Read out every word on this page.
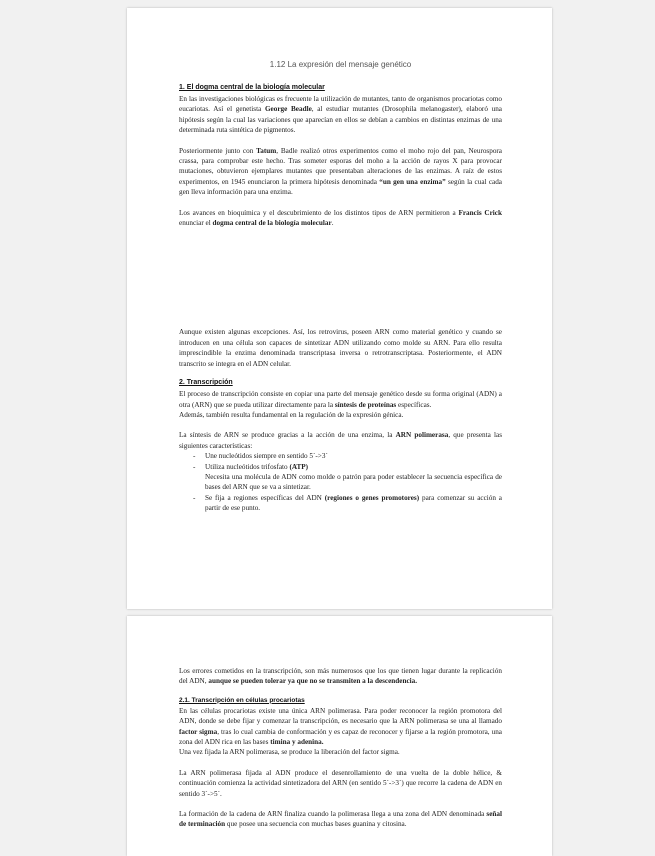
1.12 La expresión del mensaje genético
1. El dogma central de la biología molecular

En las investigaciones biológicas es frecuente la utilización de mutantes, tanto de organismos procariotas como eucariotas. Así el genetista George Beadle, al estudiar mutantes (Drosophila melanogaster), elaboró una hipótesis según la cual las variaciones que aparecían en ellos se debían a cambios en distintas enzimas de una determinada ruta sintética de pigmentos.

Posteriormente junto con Tatum, Badle realizó otros experimentos como el moho rojo del pan, Neurospora crassa, para comprobar este hecho. Tras someter esporas del moho a la acción de rayos X para provocar mutaciones, obtuvieron ejemplares mutantes que presentaban alteraciones de las enzimas. A raíz de estos experimentos, en 1945 enunciaron la primera hipótesis denominada “un gen una enzima” según la cual cada gen lleva información para una enzima.

Los avances en bioquímica y el descubrimiento de los distintos tipos de ARN permitieron a Francis Crick enunciar el dogma central de la biología molecular.

Aunque existen algunas excepciones. Así, los retrovirus, poseen ARN como material genético y cuando se introducen en una célula son capaces de sintetizar ADN utilizando como molde su ARN. Para ello resulta imprescindible la enzima denominada transcriptasa inversa o retrotranscriptasa. Posteriormente, el ADN transcrito se integra en el ADN celular.

2. Transcripción

El proceso de transcripción consiste en copiar una parte del mensaje genético desde su forma original (ADN) a otra (ARN) que se pueda utilizar directamente para la síntesis de proteínas específicas.

Además, también resulta fundamental en la regulación de la expresión génica.

La síntesis de ARN se produce gracias a la acción de una enzima, la ARN polimerasa, que presenta las siguientes características:

- Une nucleótidos siempre en sentido 5´->3´
- Utiliza nucleótidos trifosfato (ATP)
Necesita una molécula de ADN como molde o patrón para poder establecer la secuencia específica de bases del ARN que se va a sintetizar.
- Se fija a regiones específicas del ADN (regiones o genes promotores) para comenzar su acción a partir de ese punto.

Los errores cometidos en la transcripción, son más numerosos que los que tienen lugar durante la replicación del ADN, aunque se pueden tolerar ya que no se transmiten a la descendencia.

2.1. Transcripción en células procariotas

En las células procariotas existe una única ARN polimerasa. Para poder reconocer la región promotora del ADN, donde se debe fijar y comenzar la transcripción, es necesario que la ARN polimerasa se una al llamado factor sigma, tras lo cual cambia de conformación y es capaz de reconocer y fijarse a la región promotora, una zona del ADN rica en las bases timina y adenina.

Una vez fijada la ARN polimerasa, se produce la liberación del factor sigma.

La ARN polimerasa fijada al ADN produce el desenrollamiento de una vuelta de la doble hélice, & continuación comienza la actividad sintetizadora del ARN (en sentido 5´->3´) que recorre la cadena de ADN en sentido 3´->5´.

La formación de la cadena de ARN finaliza cuando la polimerasa llega a una zona del ADN denominada señal de terminación que posee una secuencia con muchas bases guanina y citosina.
